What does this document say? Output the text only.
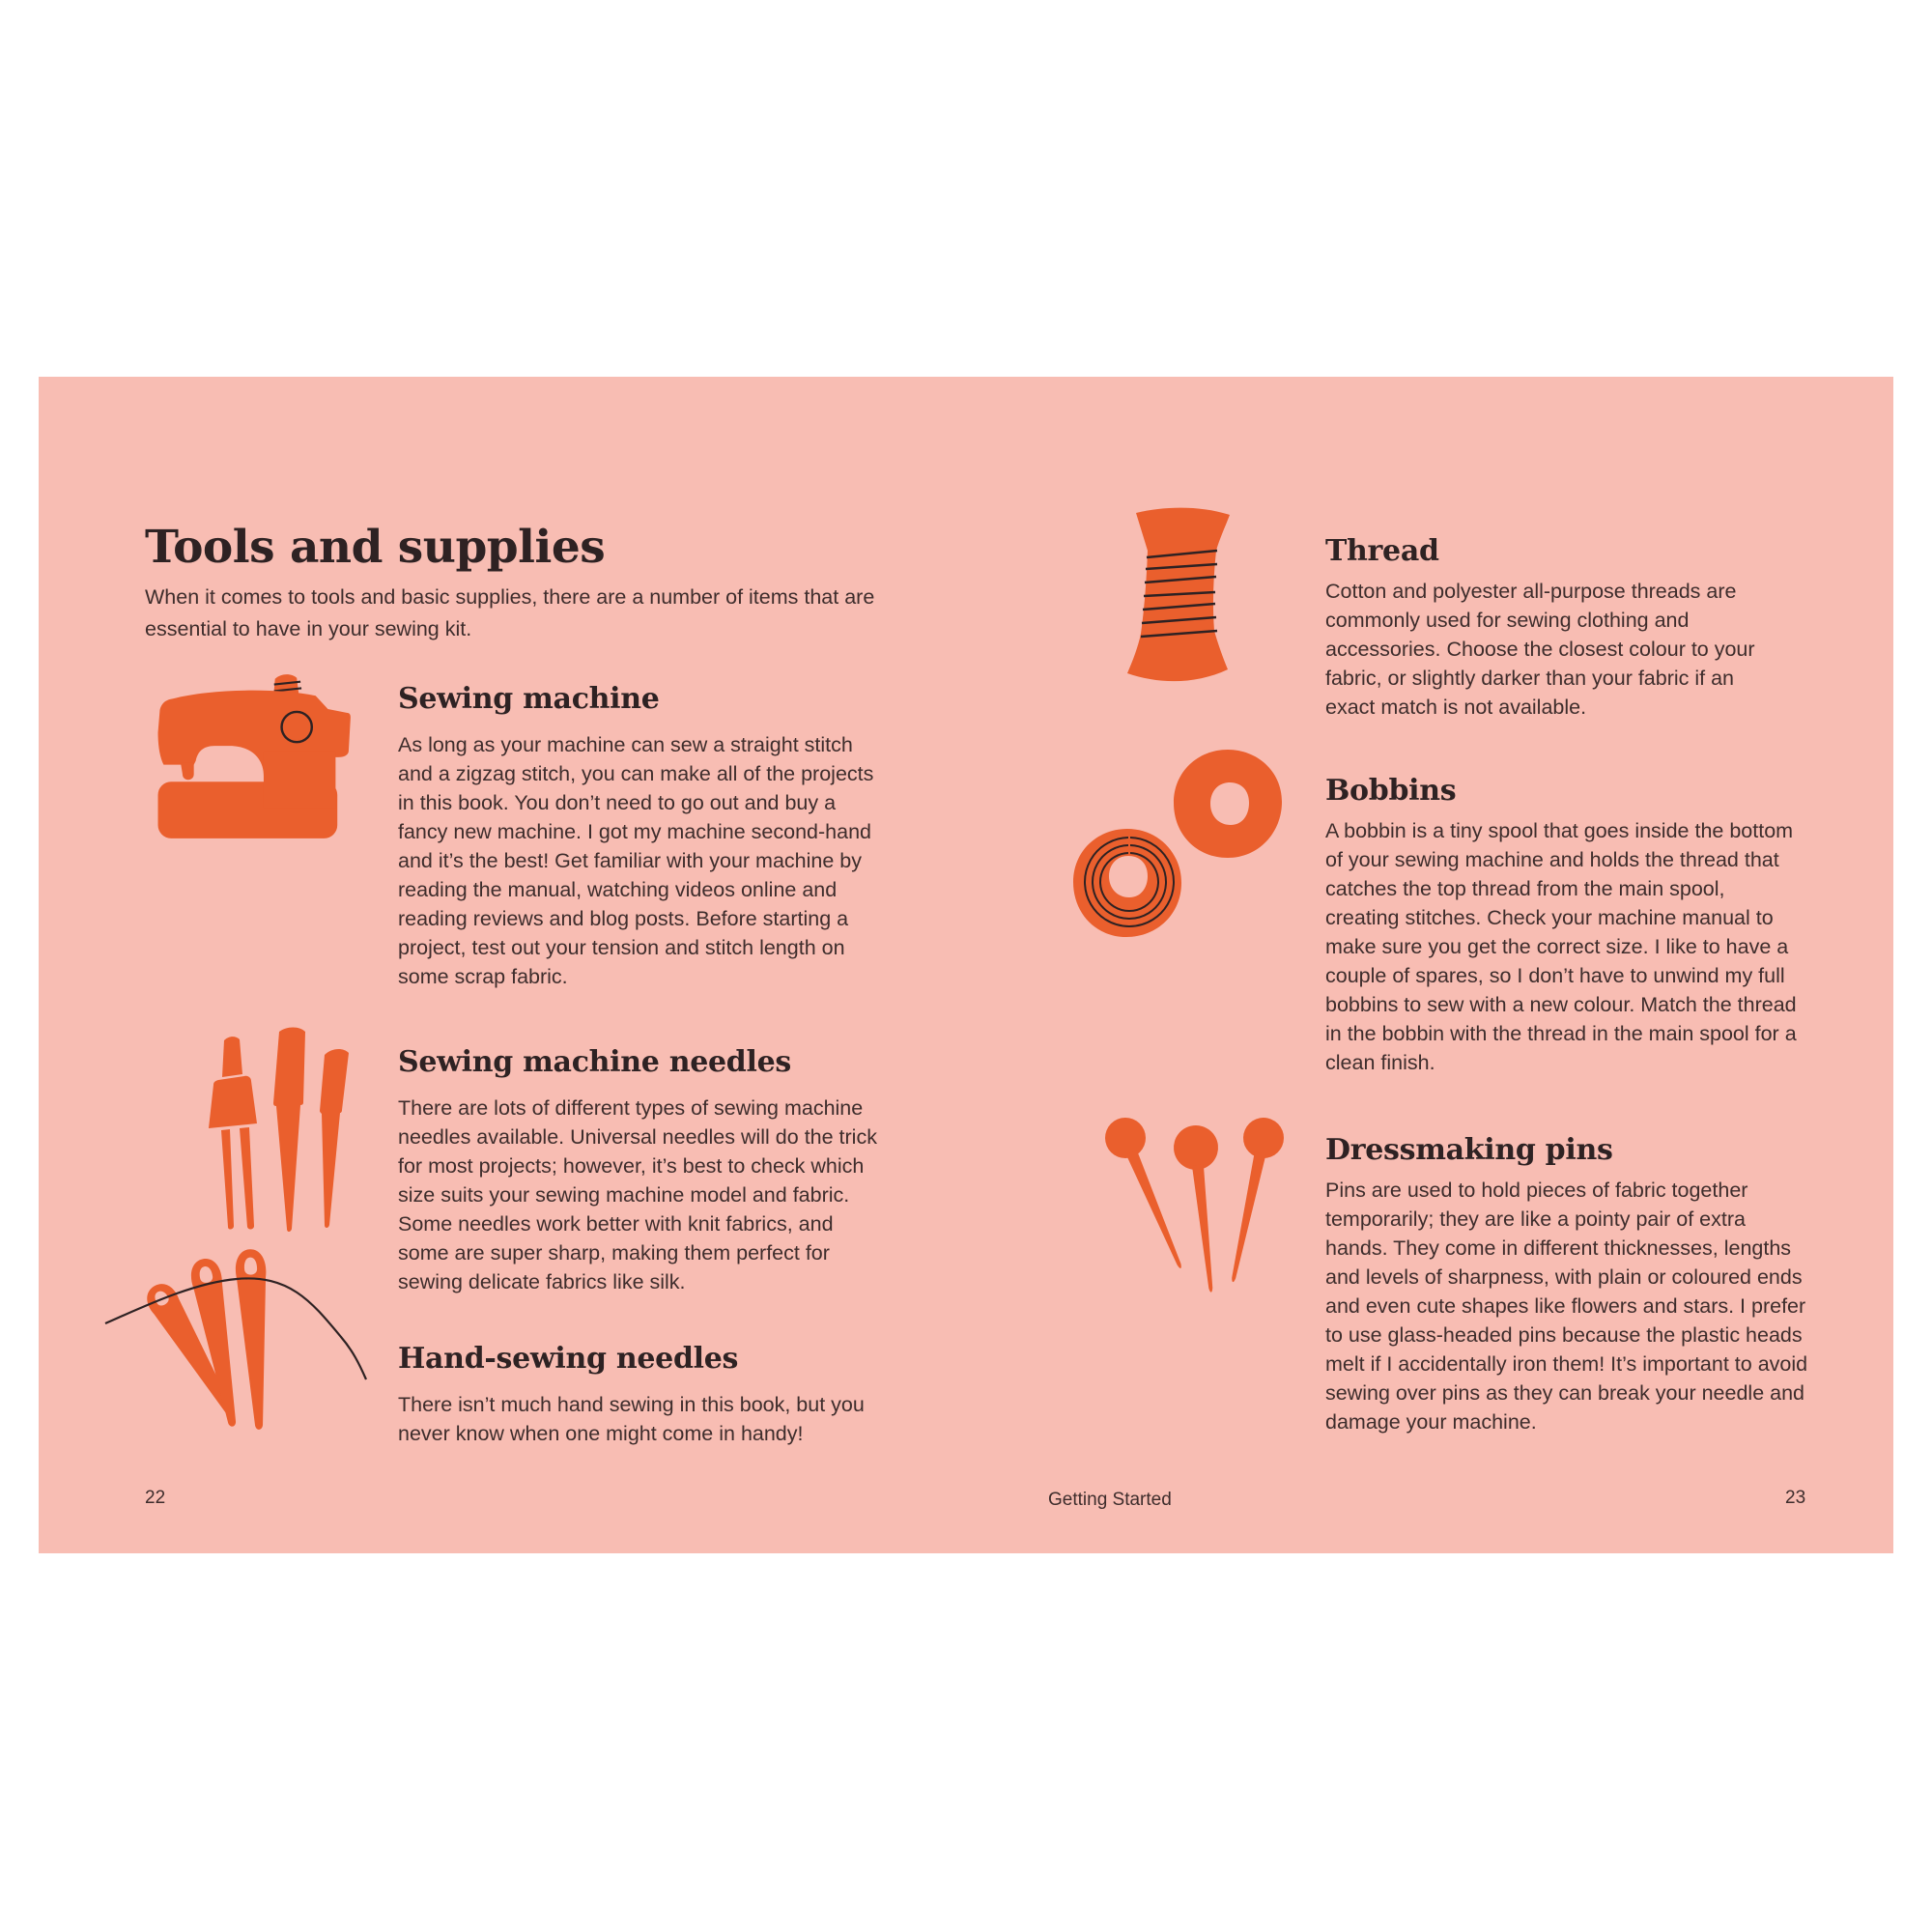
Tools and supplies

When it comes to tools and basic supplies, there are a number of items that are essential to have in your sewing kit.

Sewing machine

As long as your machine can sew a straight stitch and a zigzag stitch, you can make all of the projects in this book. You don’t need to go out and buy a fancy new machine. I got my machine second-hand and it’s the best! Get familiar with your machine by reading the manual, watching videos online and reading reviews and blog posts. Before starting a project, test out your tension and stitch length on some scrap fabric.

Sewing machine needles

There are lots of different types of sewing machine needles available. Universal needles will do the trick for most projects; however, it’s best to check which size suits your sewing machine model and fabric. Some needles work better with knit fabrics, and some are super sharp, making them perfect for sewing delicate fabrics like silk.

Hand-sewing needles

There isn’t much hand sewing in this book, but you never know when one might come in handy!

22
Thread

Cotton and polyester all-purpose threads are commonly used for sewing clothing and accessories. Choose the closest colour to your fabric, or slightly darker than your fabric if an exact match is not available.

Bobbins

A bobbin is a tiny spool that goes inside the bottom of your sewing machine and holds the thread that catches the top thread from the main spool, creating stitches. Check your machine manual to make sure you get the correct size. I like to have a couple of spares, so I don’t have to unwind my full bobbins to sew with a new colour. Match the thread in the bobbin with the thread in the main spool for a clean finish.

Dressmaking pins

Pins are used to hold pieces of fabric together temporarily; they are like a pointy pair of extra hands. They come in different thicknesses, lengths and levels of sharpness, with plain or coloured ends and even cute shapes like flowers and stars. I prefer to use glass-headed pins because the plastic heads melt if I accidentally iron them! It’s important to avoid sewing over pins as they can break your needle and damage your machine.

Getting Started	23
